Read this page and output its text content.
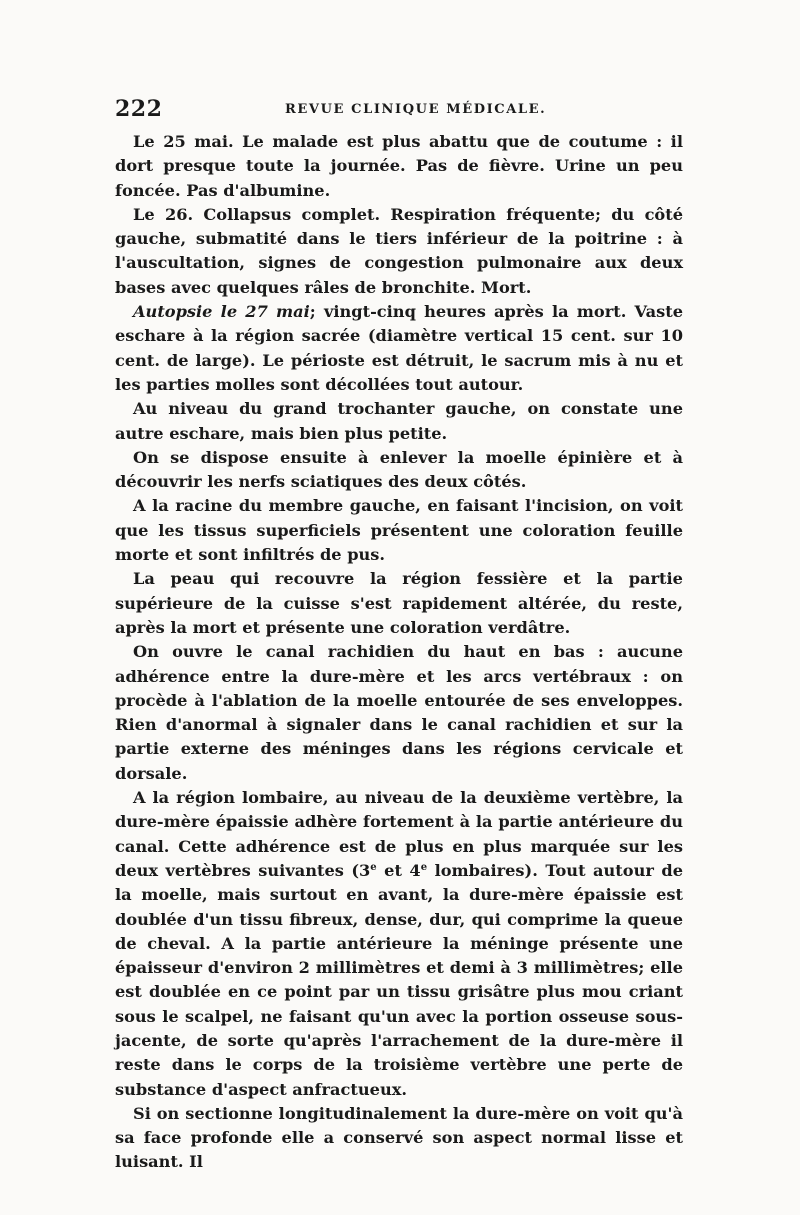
222	REVUE CLINIQUE MÉDICALE.

Le 25 mai. Le malade est plus abattu que de coutume : il dort presque toute la journée. Pas de fièvre. Urine un peu foncée. Pas d'albumine.

Le 26. Collapsus complet. Respiration fréquente; du côté gauche, submatité dans le tiers inférieur de la poitrine : à l'auscultation, signes de congestion pulmonaire aux deux bases avec quelques râles de bronchite. Mort.

Autopsie le 27 mai; vingt-cinq heures après la mort. Vaste eschare à la région sacrée (diamètre vertical 15 cent. sur 10 cent. de large). Le périoste est détruit, le sacrum mis à nu et les parties molles sont décollées tout autour.

Au niveau du grand trochanter gauche, on constate une autre eschare, mais bien plus petite.

On se dispose ensuite à enlever la moelle épinière et à découvrir les nerfs sciatiques des deux côtés.

A la racine du membre gauche, en faisant l'incision, on voit que les tissus superficiels présentent une coloration feuille morte et sont infiltrés de pus.

La peau qui recouvre la région fessière et la partie supérieure de la cuisse s'est rapidement altérée, du reste, après la mort et présente une coloration verdâtre.

On ouvre le canal rachidien du haut en bas : aucune adhérence entre la dure-mère et les arcs vertébraux : on procède à l'ablation de la moelle entourée de ses enveloppes. Rien d'anormal à signaler dans le canal rachidien et sur la partie externe des méninges dans les régions cervicale et dorsale.

A la région lombaire, au niveau de la deuxième vertèbre, la dure-mère épaissie adhère fortement à la partie antérieure du canal. Cette adhérence est de plus en plus marquée sur les deux vertèbres suivantes (3e et 4e lombaires). Tout autour de la moelle, mais surtout en avant, la dure-mère épaissie est doublée d'un tissu fibreux, dense, dur, qui comprime la queue de cheval. A la partie antérieure la méninge présente une épaisseur d'environ 2 millimètres et demi à 3 millimètres; elle est doublée en ce point par un tissu grisâtre plus mou criant sous le scalpel, ne faisant qu'un avec la portion osseuse sous-jacente, de sorte qu'après l'arrachement de la dure-mère il reste dans le corps de la troisième vertèbre une perte de substance d'aspect anfractueux.

Si on sectionne longitudinalement la dure-mère on voit qu'à sa face profonde elle a conservé son aspect normal lisse et luisant. Il
